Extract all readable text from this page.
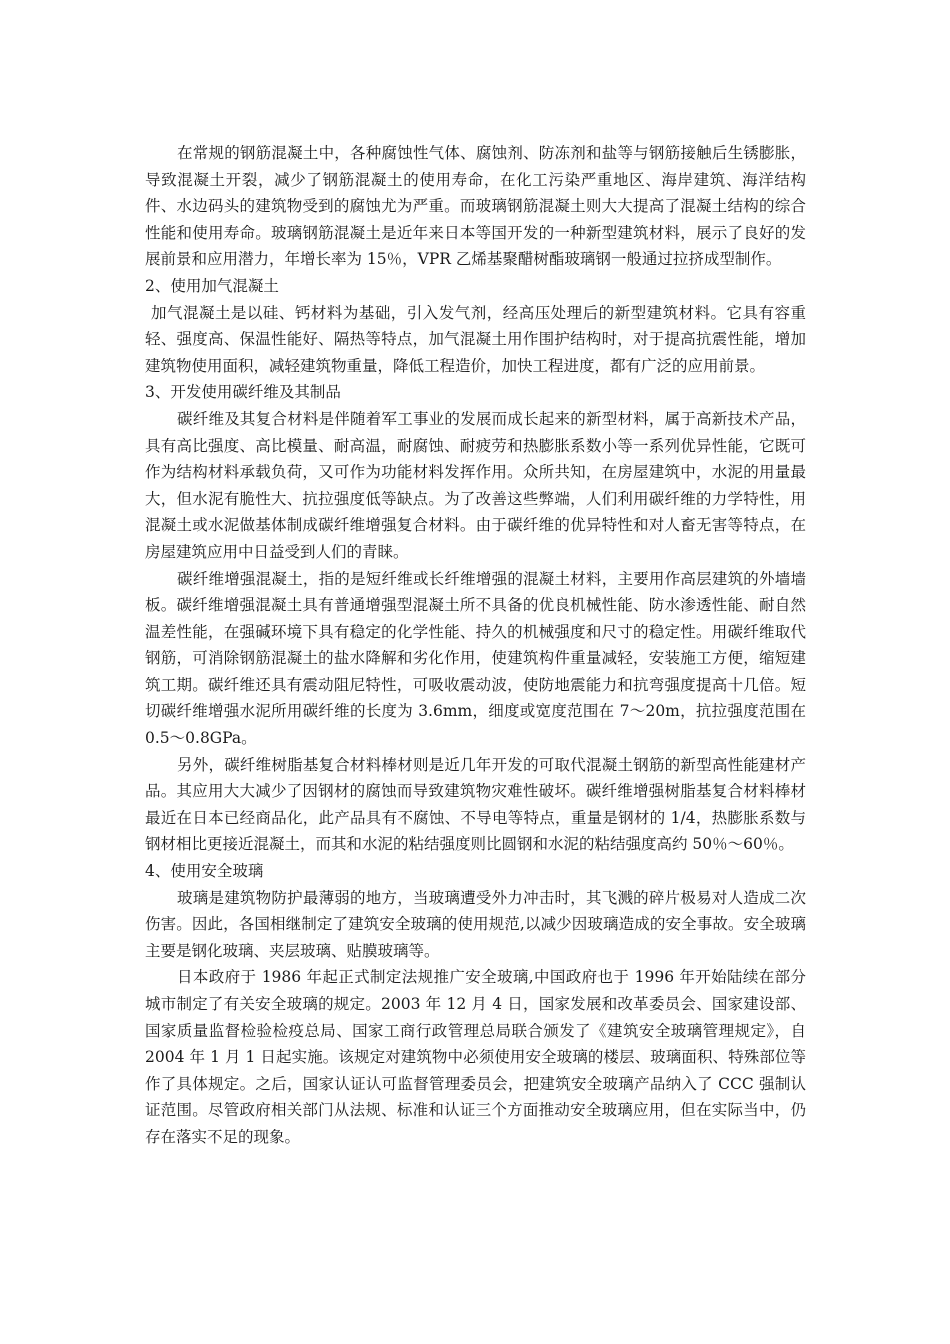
在常规的钢筋混凝土中，各种腐蚀性气体、腐蚀剂、防冻剂和盐等与钢筋接触后生锈膨胀，导致混凝土开裂，减少了钢筋混凝土的使用寿命，在化工污染严重地区、海岸建筑、海洋结构件、水边码头的建筑物受到的腐蚀尤为严重。而玻璃钢筋混凝土则大大提高了混凝土结构的综合性能和使用寿命。玻璃钢筋混凝土是近年来日本等国开发的一种新型建筑材料，展示了良好的发展前景和应用潜力，年增长率为 15％，VPR 乙烯基聚醋树酯玻璃钢一般通过拉挤成型制作。

2、使用加气混凝土

加气混凝土是以硅、钙材料为基础，引入发气剂，经高压处理后的新型建筑材料。它具有容重轻、强度高、保温性能好、隔热等特点，加气混凝土用作围护结构时，对于提高抗震性能，增加建筑物使用面积，减轻建筑物重量，降低工程造价，加快工程进度，都有广泛的应用前景。

3、开发使用碳纤维及其制品

碳纤维及其复合材料是伴随着军工事业的发展而成长起来的新型材料，属于高新技术产品，具有高比强度、高比模量、耐高温，耐腐蚀、耐疲劳和热膨胀系数小等一系列优异性能，它既可作为结构材料承载负荷，又可作为功能材料发挥作用。众所共知，在房屋建筑中，水泥的用量最大，但水泥有脆性大、抗拉强度低等缺点。为了改善这些弊端，人们利用碳纤维的力学特性，用混凝土或水泥做基体制成碳纤维增强复合材料。由于碳纤维的优异特性和对人畜无害等特点，在房屋建筑应用中日益受到人们的青睐。

碳纤维增强混凝土，指的是短纤维或长纤维增强的混凝土材料，主要用作高层建筑的外墙墙板。碳纤维增强混凝土具有普通增强型混凝土所不具备的优良机械性能、防水渗透性能、耐自然温差性能，在强碱环境下具有稳定的化学性能、持久的机械强度和尺寸的稳定性。用碳纤维取代钢筋，可消除钢筋混凝土的盐水降解和劣化作用，使建筑构件重量减轻，安装施工方便，缩短建筑工期。碳纤维还具有震动阻尼特性，可吸收震动波，使防地震能力和抗弯强度提高十几倍。短切碳纤维增强水泥所用碳纤维的长度为 3.6mm，细度或宽度范围在 7～20m，抗拉强度范围在 0.5～0.8GPa。

另外，碳纤维树脂基复合材料棒材则是近几年开发的可取代混凝土钢筋的新型高性能建材产品。其应用大大减少了因钢材的腐蚀而导致建筑物灾难性破坏。碳纤维增强树脂基复合材料棒材最近在日本已经商品化，此产品具有不腐蚀、不导电等特点，重量是钢材的 1/4，热膨胀系数与钢材相比更接近混凝土，而其和水泥的粘结强度则比圆钢和水泥的粘结强度高约 50％～60％。

4、使用安全玻璃

玻璃是建筑物防护最薄弱的地方，当玻璃遭受外力冲击时，其飞溅的碎片极易对人造成二次伤害。因此，各国相继制定了建筑安全玻璃的使用规范,以减少因玻璃造成的安全事故。安全玻璃主要是钢化玻璃、夹层玻璃、贴膜玻璃等。

日本政府于 1986 年起正式制定法规推广安全玻璃,中国政府也于 1996 年开始陆续在部分城市制定了有关安全玻璃的规定。2003 年 12 月 4 日，国家发展和改革委员会、国家建设部、国家质量监督检验检疫总局、国家工商行政管理总局联合颁发了《建筑安全玻璃管理规定》，自 2004 年 1 月 1 日起实施。该规定对建筑物中必须使用安全玻璃的楼层、玻璃面积、特殊部位等作了具体规定。之后，国家认证认可监督管理委员会，把建筑安全玻璃产品纳入了 CCC 强制认证范围。尽管政府相关部门从法规、标准和认证三个方面推动安全玻璃应用，但在实际当中，仍存在落实不足的现象。
